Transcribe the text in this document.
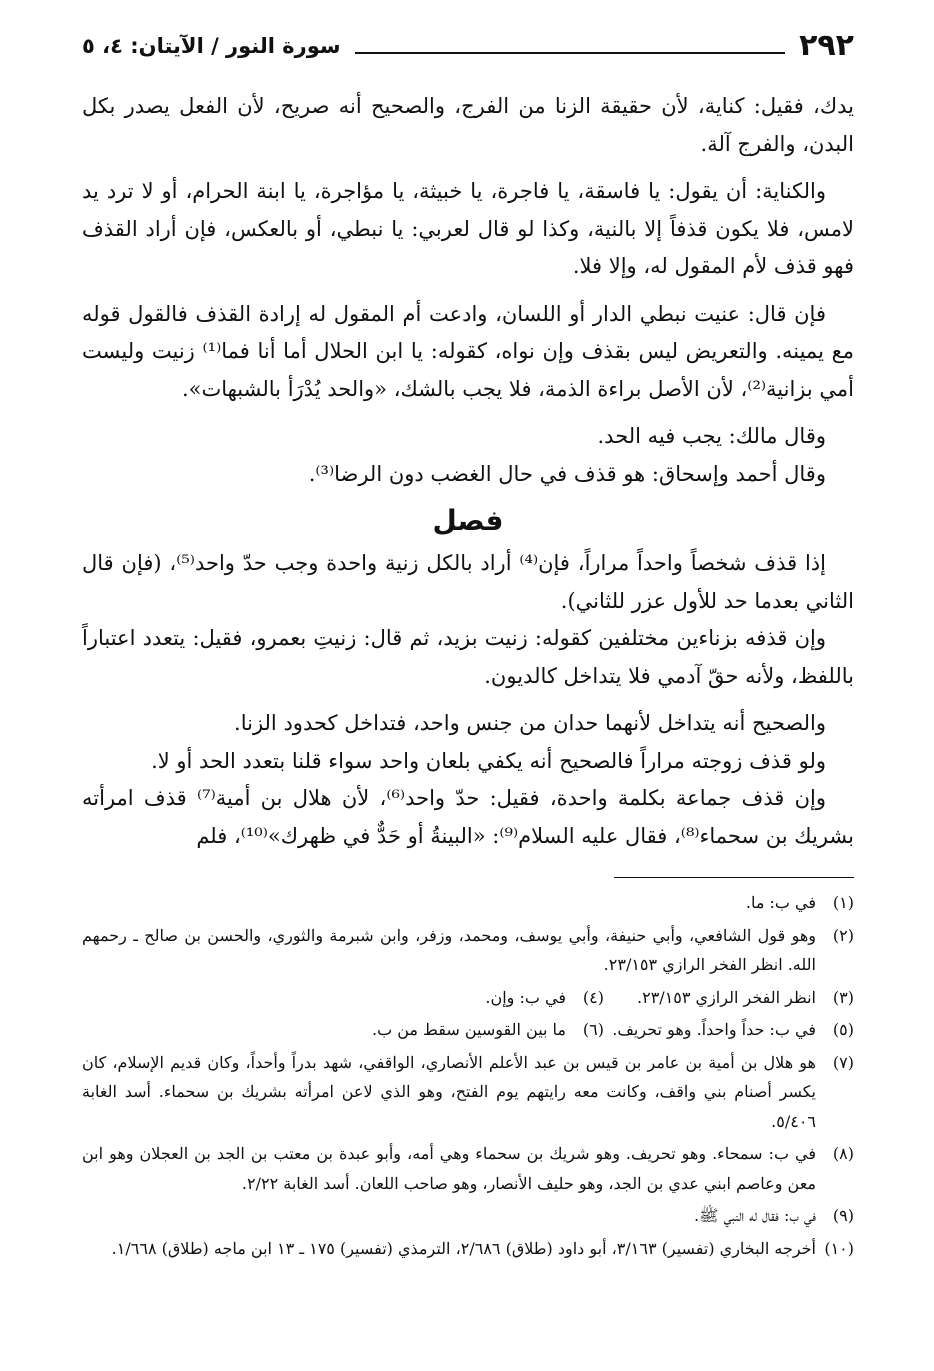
٢٩٢
سورة النور / الآيتان: ٤، ٥

يدك، فقيل: كناية، لأن حقيقة الزنا من الفرج، والصحيح أنه صريح، لأن الفعل يصدر بكل البدن، والفرج آلة.

والكناية: أن يقول: يا فاسقة، يا فاجرة، يا خبيثة، يا مؤاجرة، يا ابنة الحرام، أو لا ترد يد لامس، فلا يكون قذفاً إلا بالنية، وكذا لو قال لعربي: يا نبطي، أو بالعكس، فإن أراد القذف فهو قذف لأم المقول له، وإلا فلا.

فإن قال: عنيت نبطي الدار أو اللسان، وادعت أم المقول له إرادة القذف فالقول قوله مع يمينه. والتعريض ليس بقذف وإن نواه، كقوله: يا ابن الحلال أما أنا فما⁽¹⁾ زنيت وليست أمي بزانية⁽²⁾، لأن الأصل براءة الذمة، فلا يجب بالشك، «والحد يُدْرَأ بالشبهات».

وقال مالك: يجب فيه الحد.

وقال أحمد وإسحاق: هو قذف في حال الغضب دون الرضا⁽³⁾.

فصل

إذا قذف شخصاً واحداً مراراً، فإن⁽⁴⁾ أراد بالكل زنية واحدة وجب حدّ واحد⁽⁵⁾، (فإن قال الثاني بعدما حد للأول عزر للثاني).

وإن قذفه بزناءين مختلفين كقوله: زنيت بزيد، ثم قال: زنيتِ بعمرو، فقيل: يتعدد اعتباراً باللفظ، ولأنه حقّ آدمي فلا يتداخل كالديون.

والصحيح أنه يتداخل لأنهما حدان من جنس واحد، فتداخل كحدود الزنا.

ولو قذف زوجته مراراً فالصحيح أنه يكفي بلعان واحد سواء قلنا بتعدد الحد أو لا.

وإن قذف جماعة بكلمة واحدة، فقيل: حدّ واحد⁽⁶⁾، لأن هلال بن أمية⁽⁷⁾ قذف امرأته بشريك بن سحماء⁽⁸⁾، فقال عليه السلام⁽⁹⁾: «البينةُ أو حَدٌّ في ظهرك»⁽¹⁰⁾، فلم

(١)
في ب: ما.
(٢)
وهو قول الشافعي، وأبي حنيفة، وأبي يوسف، ومحمد، وزفر، وابن شبرمة والثوري، والحسن بن صالح ـ رحمهم الله. انظر الفخر الرازي ٢٣/١٥٣.
(٣)
انظر الفخر الرازي ٢٣/١٥٣.
(٤)
في ب: وإن.
(٥)
في ب: حداً واحداً. وهو تحريف.
(٦)
ما بين القوسين سقط من ب.
(٧)
هو هلال بن أمية بن عامر بن قيس بن عبد الأعلم الأنصاري، الواقفي، شهد بدراً وأحداً، وكان قديم الإسلام، كان يكسر أصنام بني واقف، وكانت معه رايتهم يوم الفتح، وهو الذي لاعن امرأته بشريك بن سحماء. أسد الغابة ٥/٤٠٦.
(٨)
في ب: سمحاء. وهو تحريف. وهو شريك بن سحماء وهي أمه، وأبو عبدة بن معتب بن الجد بن العجلان وهو ابن معن وعاصم ابني عدي بن الجد، وهو حليف الأنصار، وهو صاحب اللعان. أسد الغابة ٢/٢٢.
(٩)
في ب: فقال له النبي ﷺ.
(١٠)
أخرجه البخاري (تفسير) ٣/١٦٣، أبو داود (طلاق) ٢/٦٨٦، الترمذي (تفسير) ١٧٥ ـ ١٣ ابن ماجه (طلاق) ١/٦٦٨.
